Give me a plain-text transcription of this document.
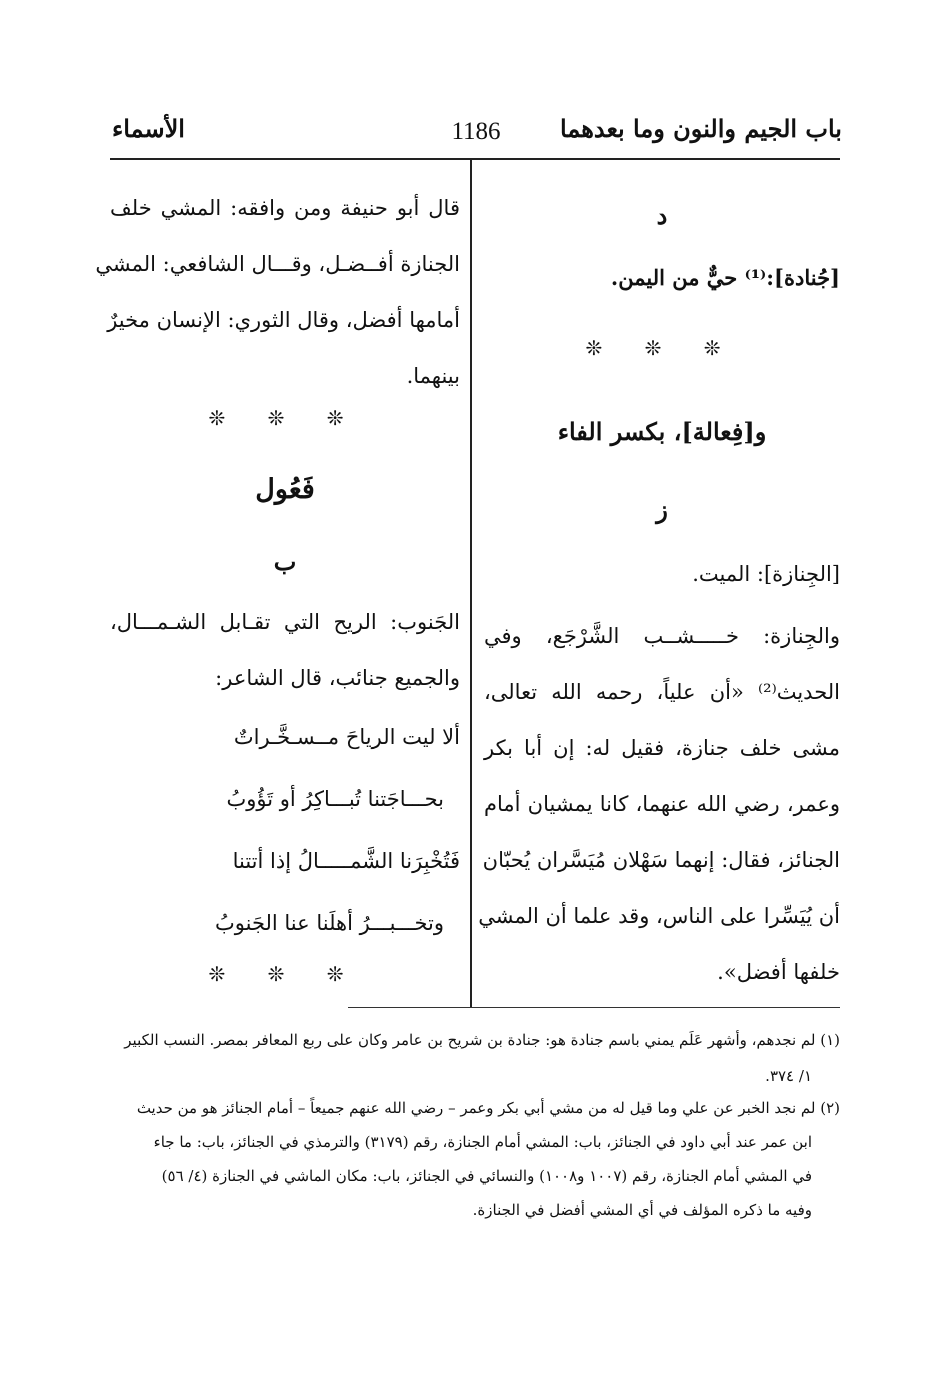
باب الجيم والنون وما بعدهما
1186
الأسماء
د
[جُنادة]:⁽¹⁾ حيٌّ من اليمن.
❊ ❊ ❊
و[فِعالة]، بكسر الفاء
ز
[الجِنازة]: الميت.
والجِنازة: خـــــشــب الشَّرْجَع، وفي
الحديث⁽²⁾ «أن علياً، رحمه الله تعالى،
مشى خلف جنازة، فقيل له: إن أبا بكر
وعمر، رضي الله عنهما، كانا يمشيان أمام
الجنائز، فقال: إنهما سَهْلان مُيَسَّران يُحبّان
أن يُيَسِّرا على الناس، وقد علما أن المشي
خلفها أفضل».
قال أبو حنيفة ومن وافقه: المشي خلف
الجنازة أفــضـل، وقـــال الشافعي: المشي
أمامها أفضل، وقال الثوري: الإنسان مخيرٌ
بينهما.
❊ ❊ ❊
فَعُول
ب
الجَنوب: الريح التي تقـابل الشـمـــال،
والجميع جنائب، قال الشاعر:
ألا ليت الرياحَ مــسـخَّـراتٌ
بحـــاجَتنا تُبـــاكِرُ أو تَؤُوبُ
فَتُخْبِرَنا الشَّمـــــالُ إذا أتتنا
وتخـــبـــرُ أهلَنا عنا الجَنوبُ
❊ ❊ ❊
(١) لم نجدهم، وأشهر عَلَم يمني باسم جنادة هو: جنادة بن شريح بن عامر وكان على ربع المعافر بمصر. النسب الكبير
١/ ٣٧٤.
(٢) لم نجد الخبر عن علي وما قيل له من مشي أبي بكر وعمر – رضي الله عنهم جميعاً – أمام الجنائز هو من حديث
ابن عمر عند أبي داود في الجنائز، باب: المشي أمام الجنازة، رقم (٣١٧٩) والترمذي في الجنائز، باب: ما جاء
في المشي أمام الجنازة، رقم (١٠٠٧ و١٠٠٨) والنسائي في الجنائز، باب: مكان الماشي في الجنازة (٤/ ٥٦)
وفيه ما ذكره المؤلف في أي المشي أفضل في الجنازة.
